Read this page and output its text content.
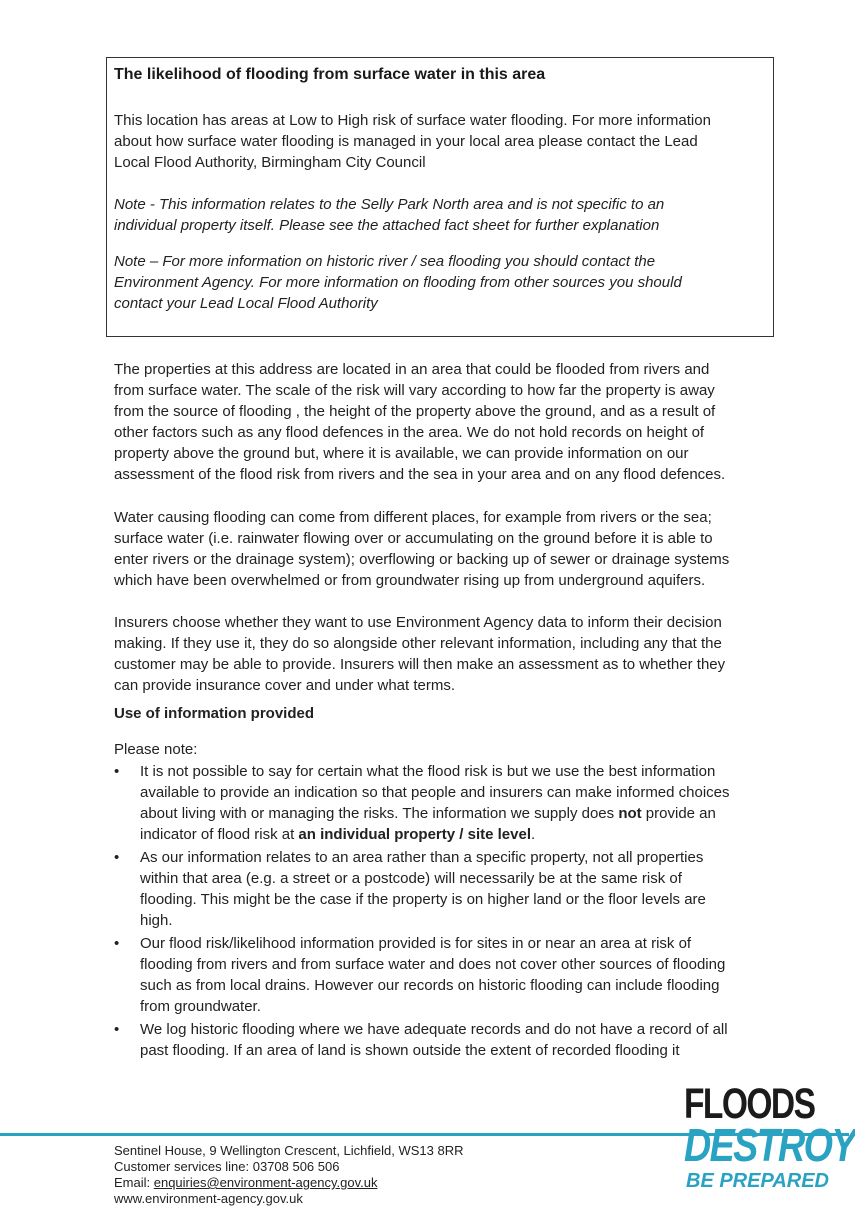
The likelihood of flooding from surface water in this area
This location has areas at Low to High risk of surface water flooding. For more information
about how surface water flooding is managed in your local area please contact the Lead
Local Flood Authority, Birmingham City Council
Note - This information relates to the Selly Park North area and is not specific to an
individual property itself. Please see the attached fact sheet for further explanation
Note – For more information on historic river / sea flooding you should contact the
Environment Agency. For more information on flooding from other sources you should
contact your Lead Local Flood Authority
The properties at this address are located in an area that could be flooded from rivers and
from surface water. The scale of the risk will vary according to how far the property is away
from the source of flooding , the height of the property above the ground, and as a result of
other factors such as any flood defences in the area. We do not hold records on height of
property above the ground but, where it is available, we can provide information on our
assessment of the flood risk from rivers and the sea in your area and on any flood defences.
Water causing flooding can come from different places, for example from rivers or the sea;
surface water (i.e. rainwater flowing over or accumulating on the ground before it is able to
enter rivers or the drainage system); overflowing or backing up of sewer or drainage systems
which have been overwhelmed or from groundwater rising up from underground aquifers.
Insurers choose whether they want to use Environment Agency data to inform their decision
making. If they use it, they do so alongside other relevant information, including any that the
customer may be able to provide. Insurers will then make an assessment as to whether they
can provide insurance cover and under what terms.
Use of information provided
Please note:
• It is not possible to say for certain what the flood risk is but we use the best information
available to provide an indication so that people and insurers can make informed choices
about living with or managing the risks. The information we supply does not provide an
indicator of flood risk at an individual property / site level.
• As our information relates to an area rather than a specific property, not all properties
within that area (e.g. a street or a postcode) will necessarily be at the same risk of
flooding. This might be the case if the property is on higher land or the floor levels are
high.
• Our flood risk/likelihood information provided is for sites in or near an area at risk of
flooding from rivers and from surface water and does not cover other sources of flooding
such as from local drains. However our records on historic flooding can include flooding
from groundwater.
• We log historic flooding where we have adequate records and do not have a record of all
past flooding. If an area of land is shown outside the extent of recorded flooding it
Sentinel House, 9 Wellington Crescent, Lichfield, WS13 8RR
Customer services line: 03708 506 506
Email: enquiries@environment-agency.gov.uk
www.environment-agency.gov.uk
FLOODS
DESTROY
BE PREPARED
